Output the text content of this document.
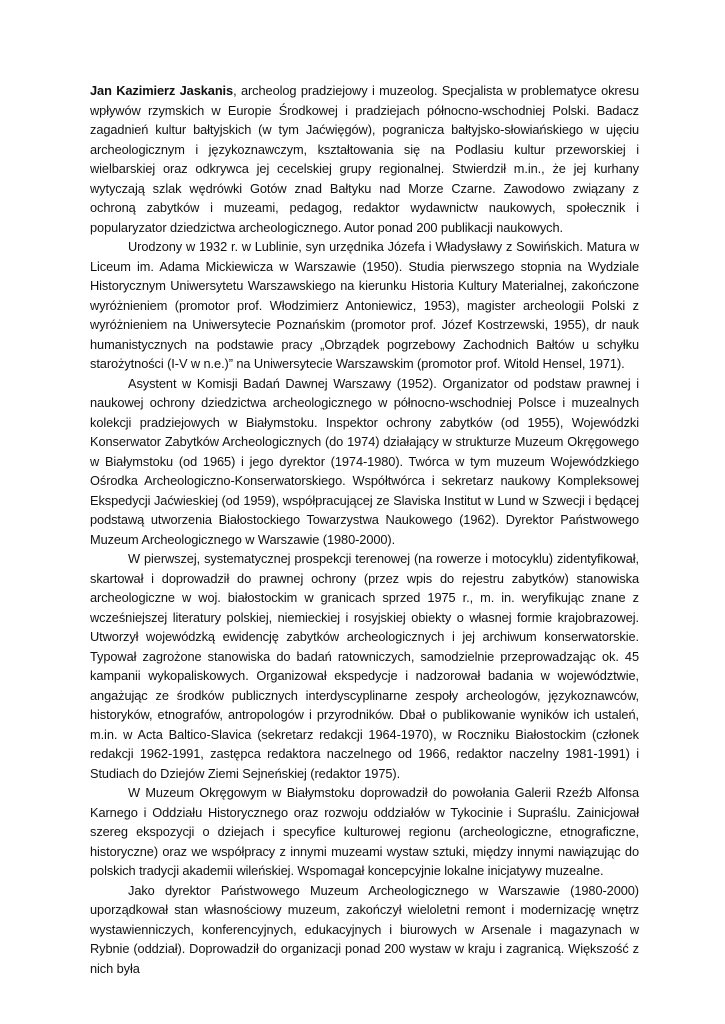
Jan Kazimierz Jaskanis, archeolog pradziejowy i muzeolog. Specjalista w problematyce okresu wpływów rzymskich w Europie Środkowej i pradziejach północno-wschodniej Polski. Badacz zagadnień kultur bałtyjskich (w tym Jaćwięgów), pogranicza bałtyjsko-słowiańskiego w ujęciu archeologicznym i językoznawczym, kształtowania się na Podlasiu kultur przeworskiej i wielbarskiej oraz odkrywca jej cecelskiej grupy regionalnej. Stwierdził m.in., że jej kurhany wytyczają szlak wędrówki Gotów znad Bałtyku nad Morze Czarne. Zawodowo związany z ochroną zabytków i muzeami, pedagog, redaktor wydawnictw naukowych, społecznik i popularyzator dziedzictwa archeologicznego. Autor ponad 200 publikacji naukowych.

Urodzony w 1932 r. w Lublinie, syn urzędnika Józefa i Władysławy z Sowińskich. Matura w Liceum im. Adama Mickiewicza w Warszawie (1950). Studia pierwszego stopnia na Wydziale Historycznym Uniwersytetu Warszawskiego na kierunku Historia Kultury Materialnej, zakończone wyróżnieniem (promotor prof. Włodzimierz Antoniewicz, 1953), magister archeologii Polski z wyróżnieniem na Uniwersytecie Poznańskim (promotor prof. Józef Kostrzewski, 1955), dr nauk humanistycznych na podstawie pracy „Obrządek pogrzebowy Zachodnich Bałtów u schyłku starożytności (I-V w n.e.)” na Uniwersytecie Warszawskim (promotor prof. Witold Hensel, 1971).

Asystent w Komisji Badań Dawnej Warszawy (1952). Organizator od podstaw prawnej i naukowej ochrony dziedzictwa archeologicznego w północno-wschodniej Polsce i muzealnych kolekcji pradziejowych w Białymstoku. Inspektor ochrony zabytków (od 1955), Wojewódzki Konserwator Zabytków Archeologicznych (do 1974) działający w strukturze Muzeum Okręgowego w Białymstoku (od 1965) i jego dyrektor (1974-1980). Twórca w tym muzeum Wojewódzkiego Ośrodka Archeologiczno-Konserwatorskiego. Współtwórca i sekretarz naukowy Kompleksowej Ekspedycji Jaćwieskiej (od 1959), współpracującej ze Slaviska Institut w Lund w Szwecji i będącej podstawą utworzenia Białostockiego Towarzystwa Naukowego (1962). Dyrektor Państwowego Muzeum Archeologicznego w Warszawie (1980-2000).

W pierwszej, systematycznej prospekcji terenowej (na rowerze i motocyklu) zidentyfikował, skartował i doprowadził do prawnej ochrony (przez wpis do rejestru zabytków) stanowiska archeologiczne w woj. białostockim w granicach sprzed 1975 r., m. in. weryfikując znane z wcześniejszej literatury polskiej, niemieckiej i rosyjskiej obiekty o własnej formie krajobrazowej. Utworzył wojewódzką ewidencję zabytków archeologicznych i jej archiwum konserwatorskie. Typował zagrożone stanowiska do badań ratowniczych, samodzielnie przeprowadzając ok. 45 kampanii wykopaliskowych. Organizował ekspedycje i nadzorował badania w województwie, angażując ze środków publicznych interdyscyplinarne zespoły archeologów, językoznawców, historyków, etnografów, antropologów i przyrodników. Dbał o publikowanie wyników ich ustaleń, m.in. w Acta Baltico-Slavica (sekretarz redakcji 1964-1970), w Roczniku Białostockim (członek redakcji 1962-1991, zastępca redaktora naczelnego od 1966, redaktor naczelny 1981-1991) i Studiach do Dziejów Ziemi Sejneńskiej (redaktor 1975).

W Muzeum Okręgowym w Białymstoku doprowadził do powołania Galerii Rzeźb Alfonsa Karnego i Oddziału Historycznego oraz rozwoju oddziałów w Tykocinie i Supraślu. Zainicjował szereg ekspozycji o dziejach i specyfice kulturowej regionu (archeologiczne, etnograficzne, historyczne) oraz we współpracy z innymi muzeami wystaw sztuki, między innymi nawiązując do polskich tradycji akademii wileńskiej. Wspomagał koncepcyjnie lokalne inicjatywy muzealne.

Jako dyrektor Państwowego Muzeum Archeologicznego w Warszawie (1980-2000) uporządkował stan własnościowy muzeum, zakończył wieloletni remont i modernizację wnętrz wystawienniczych, konferencyjnych, edukacyjnych i biurowych w Arsenale i magazynach w Rybnie (oddział). Doprowadził do organizacji ponad 200 wystaw w kraju i zagranicą. Większość z nich była
